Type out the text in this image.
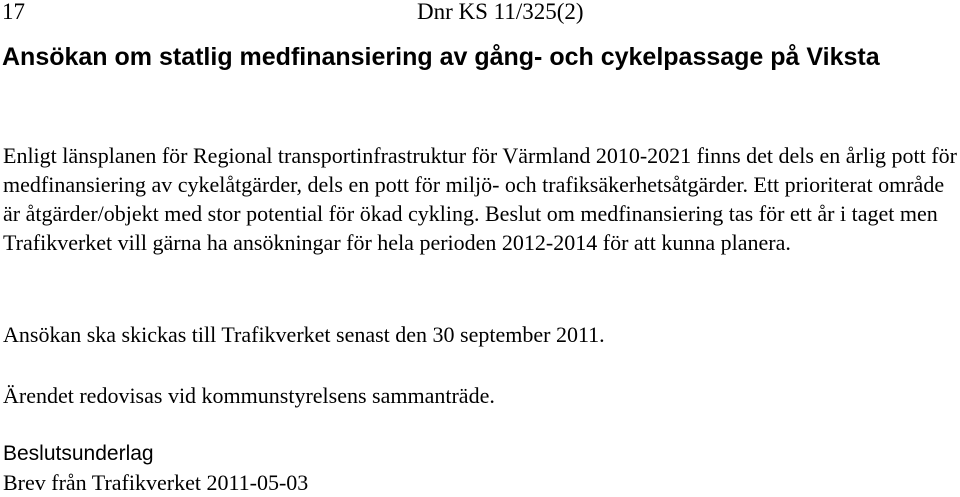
17	Dnr KS 11/325(2)
Ansökan om statlig medfinansiering av gång- och cykelpassage på Viksta
Enligt länsplanen för Regional transportinfrastruktur för Värmland 2010-2021 finns det dels en årlig pott för medfinansiering av cykelåtgärder, dels en pott för miljö- och trafiksäkerhetsåtgärder. Ett prioriterat område är åtgärder/objekt med stor potential för ökad cykling. Beslut om medfinansiering tas för ett år i taget men Trafikverket vill gärna ha ansökningar för hela perioden 2012-2014 för att kunna planera.
Ansökan ska skickas till Trafikverket senast den 30 september 2011.
Ärendet redovisas vid kommunstyrelsens sammanträde.
Beslutsunderlag
Brev från Trafikverket 2011-05-03
